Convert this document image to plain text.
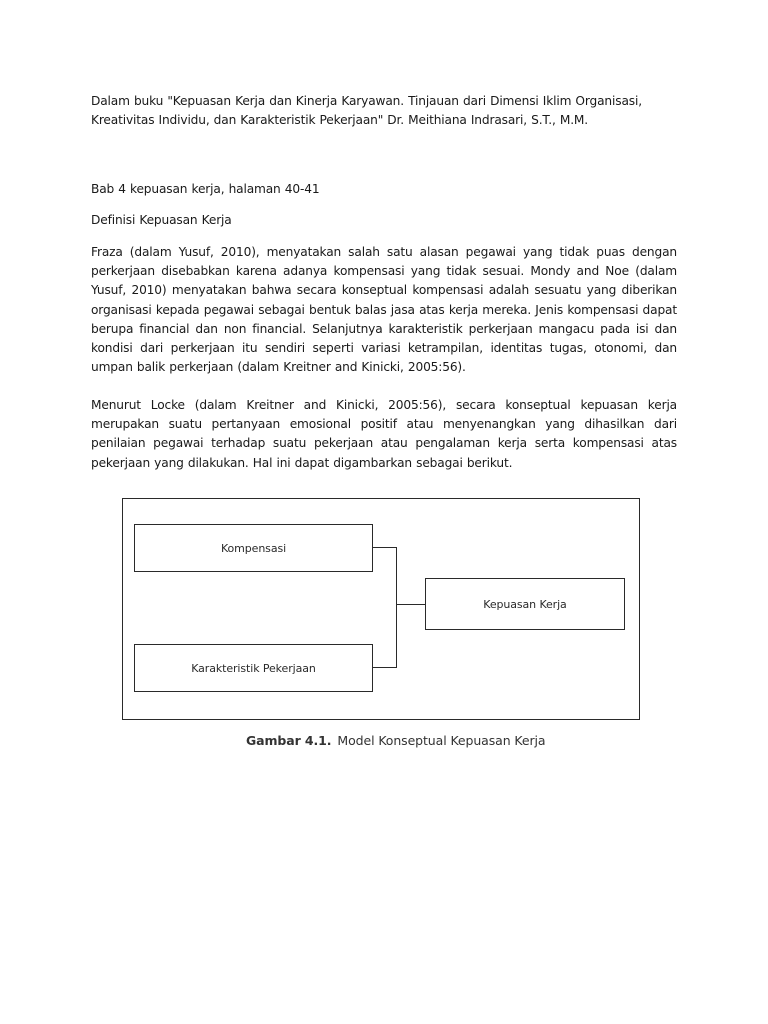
Dalam buku "Kepuasan Kerja dan Kinerja Karyawan. Tinjauan dari Dimensi Iklim Organisasi, Kreativitas Individu, dan Karakteristik Pekerjaan" Dr. Meithiana Indrasari, S.T., M.M.

Bab 4 kepuasan kerja, halaman 40-41

Definisi Kepuasan Kerja

Fraza (dalam Yusuf, 2010), menyatakan salah satu alasan pegawai yang tidak puas dengan perkerjaan disebabkan karena adanya kompensasi yang tidak sesuai. Mondy and Noe (dalam Yusuf, 2010) menyatakan bahwa secara konseptual kompensasi adalah sesuatu yang diberikan organisasi kepada pegawai sebagai bentuk balas jasa atas kerja mereka. Jenis kompensasi dapat berupa financial dan non financial. Selanjutnya karakteristik perkerjaan mangacu pada isi dan kondisi dari perkerjaan itu sendiri seperti variasi ketrampilan, identitas tugas, otonomi, dan umpan balik perkerjaan (dalam Kreitner and Kinicki, 2005:56).

Menurut Locke (dalam Kreitner and Kinicki, 2005:56), secara konseptual kepuasan kerja merupakan suatu pertanyaan emosional positif atau menyenangkan yang dihasilkan dari penilaian pegawai terhadap suatu pekerjaan atau pengalaman kerja serta kompensasi atas pekerjaan yang dilakukan. Hal ini dapat digambarkan sebagai berikut.

Kompensasi
Karakteristik Pekerjaan
Kepuasan Kerja
Gambar 4.1. Model Konseptual Kepuasan Kerja
